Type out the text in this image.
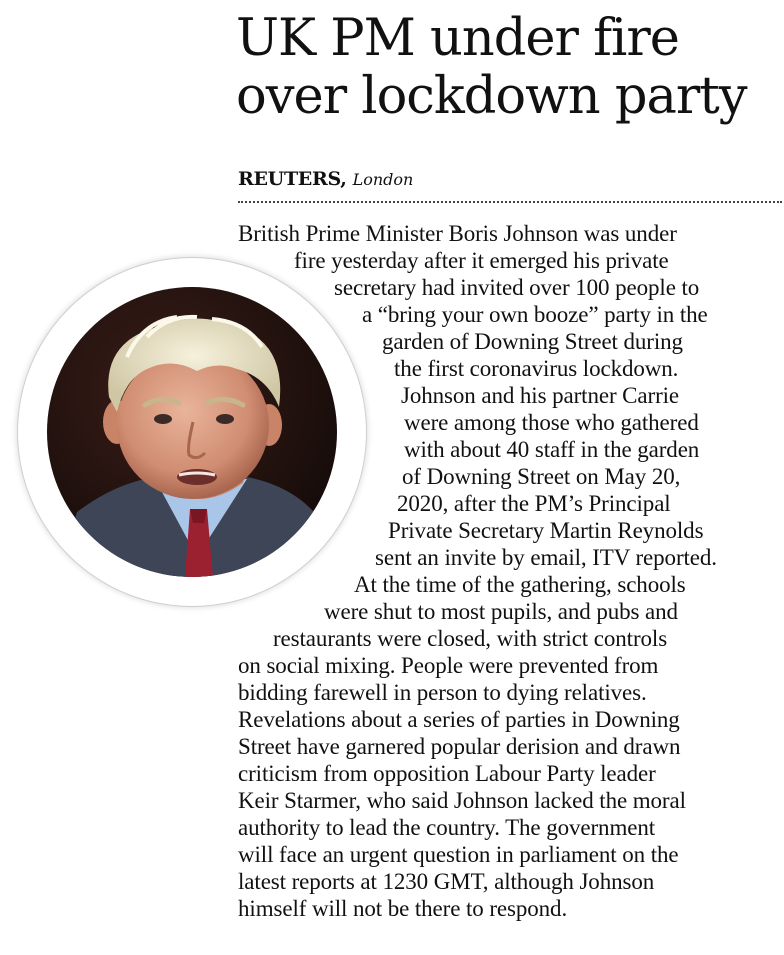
UK PM under fire
over lockdown party
REUTERS, London
British Prime Minister Boris Johnson was under
fire yesterday after it emerged his private
secretary had invited over 100 people to
a “bring your own booze” party in the
garden of Downing Street during
the first coronavirus lockdown.
Johnson and his partner Carrie
were among those who gathered
with about 40 staff in the garden
of Downing Street on May 20,
2020, after the PM’s Principal
Private Secretary Martin Reynolds
sent an invite by email, ITV reported.
At the time of the gathering, schools
were shut to most pupils, and pubs and
restaurants were closed, with strict controls
on social mixing. People were prevented from
bidding farewell in person to dying relatives.
Revelations about a series of parties in Downing
Street have garnered popular derision and drawn
criticism from opposition Labour Party leader
Keir Starmer, who said Johnson lacked the moral
authority to lead the country. The government
will face an urgent question in parliament on the
latest reports at 1230 GMT, although Johnson
himself will not be there to respond.
